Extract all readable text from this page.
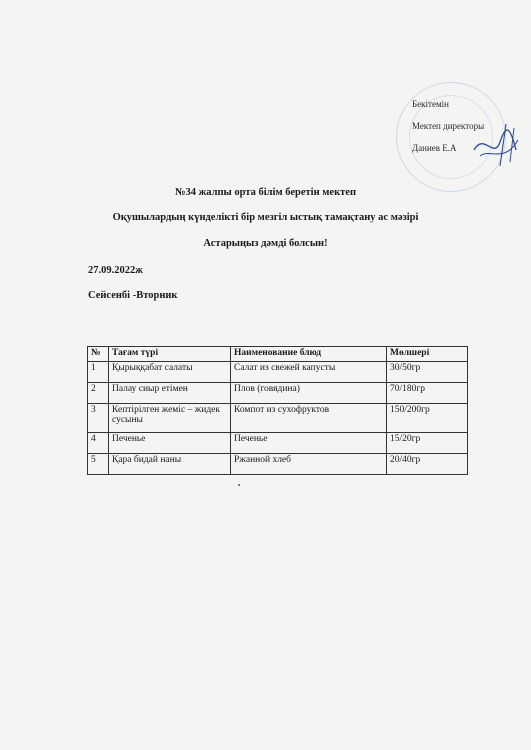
Бекітемін
Мектеп директоры
Даниев Е.А
№34 жалпы орта білім беретін мектеп
Оқушылардың күнделікті бір мезгіл ыстық тамақтану ас мәзірі
Астарыңыз дәмді болсын!
27.09.2022ж
Сейсенбі -Вторник
№	Тағам түрі	Наименование блюд	Мөлшері
1	Қырыққабат салаты	Салат из свежей капусты	30/50гр
2	Палау сиыр етімен	Плов (говядина)	70/180гр
3	Кептірілген жеміс – жидек сусыны	Компот из сухофруктов	150/200гр
4	Печенье	Печенье	15/20гр
5	Қара бидай наны	Ржанной хлеб	20/40гр
